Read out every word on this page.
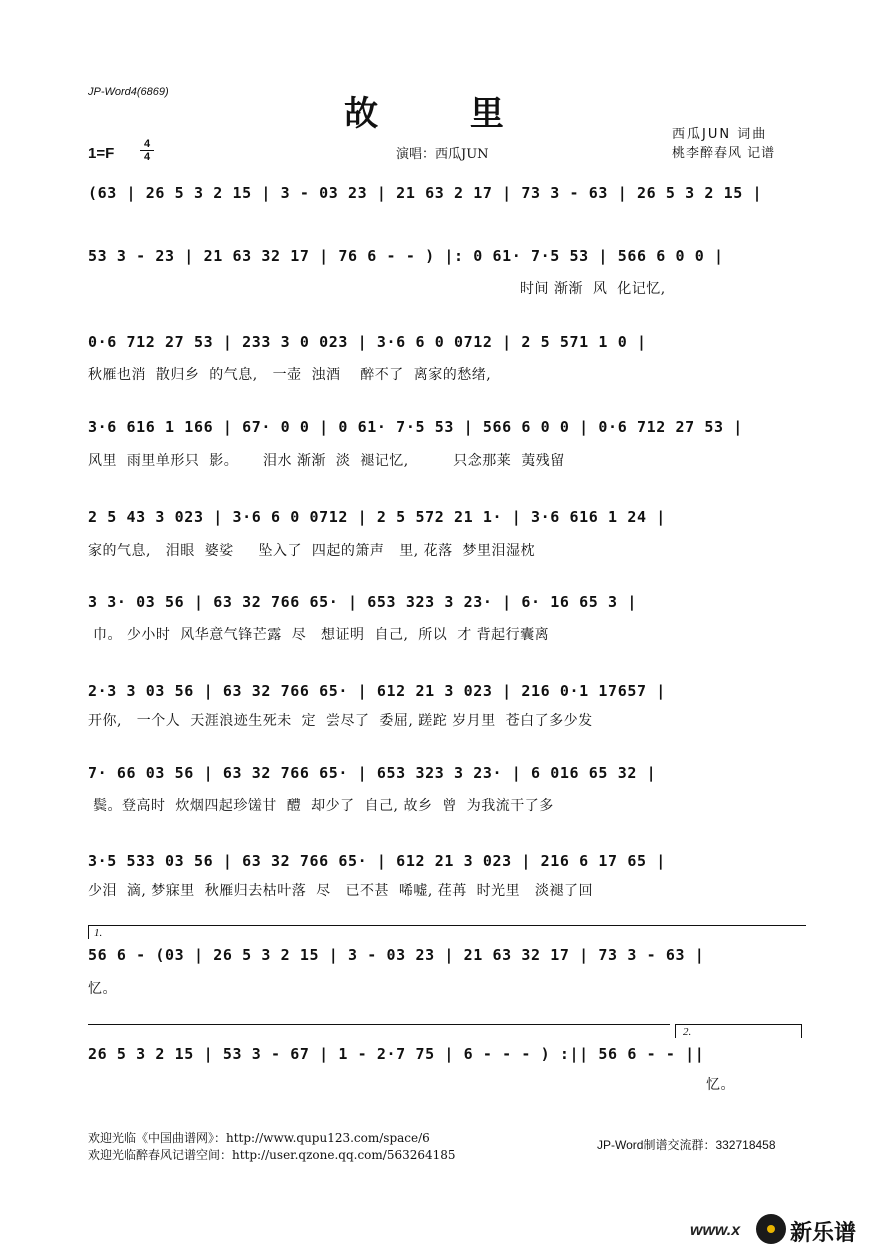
JP-Word4(6869)
故 里
西瓜JUN 词曲
桃李醉春风 记谱
1=F
4
4	演唱：西瓜JUN
(63 | 26 5 3 2 15 | 3 - 03 23 | 21 63 2 17 | 73 3 - 63 | 26 5 3 2 15 |
53 3 - 23 | 21 63 32 17 | 76 6 - - ) |: 0 61· 7·5 53 | 566 6 0 0 |
时间 渐渐  风  化记忆,
0·6 712 27 53 | 233 3 0 023 | 3·6 6 0 0712 | 2 5 571 1 0 |
秋雁也消  散归乡  的气息,   一壶  浊酒    醉不了  离家的愁绪,
3·6 616 1 166 | 67· 0 0 | 0 61· 7·5 53 | 566 6 0 0 | 0·6 712 27 53 |
风里  雨里单形只  影。     泪水 渐渐  淡  褪记忆,         只念那莱  荑残留
2 5 43 3 023 | 3·6 6 0 0712 | 2 5 572 21 1· | 3·6 616 1 24 |
家的气息,   泪眼  婆娑     坠入了  四起的箫声   里, 花落  梦里泪湿枕
3 3· 03 56 | 63 32 766 65· | 653 323 3 23· | 6· 16 65 3 |
巾。 少小时  风华意气锋芒露  尽   想证明  自己,  所以  才 背起行囊离
2·3 3 03 56 | 63 32 766 65· | 612 21 3 023 | 216 0·1 17657 |
开你,   一个人  天涯浪迹生死未  定  尝尽了  委屈, 蹉跎 岁月里  苍白了多少发
7· 66 03 56 | 63 32 766 65· | 653 323 3 23· | 6 016 65 32 |
鬓。登高时  炊烟四起珍馐甘  醴  却少了  自己, 故乡  曾  为我流干了多
3·5 533 03 56 | 63 32 766 65· | 612 21 3 023 | 216 6 17 65 |
少泪  滴, 梦寐里  秋雁归去枯叶落  尽   已不甚  唏嘘, 荏苒  时光里   淡褪了回
1.
56 6 - (03 | 26 5 3 2 15 | 3 - 03 23 | 21 63 32 17 | 73 3 - 63 |
忆。
2.
26 5 3 2 15 | 53 3 - 67 | 1 - 2·7 75 | 6 - - - ) :|| 56 6 - - ||
忆。
欢迎光临《中国曲谱网》：http://www.qupu123.com/space/6
欢迎光临醉春风记谱空间：http://user.qzone.qq.com/563264185
JP-Word制谱交流群：332718458
www.x 新乐谱
